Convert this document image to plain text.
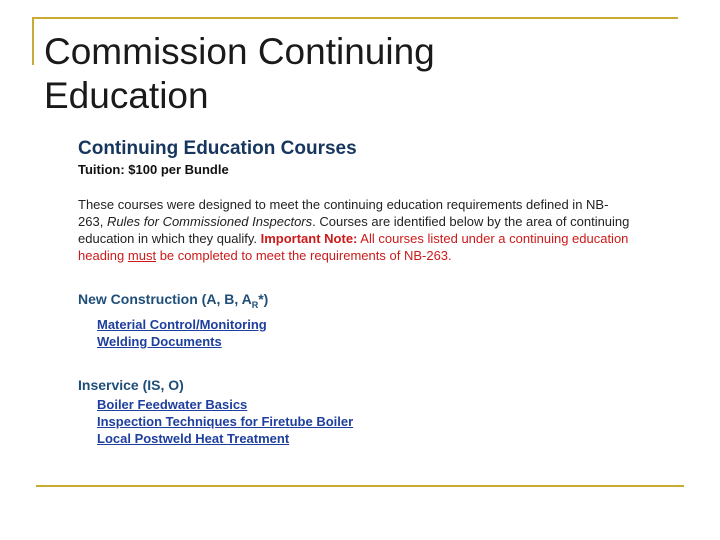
Commission Continuing Education
Continuing Education Courses
Tuition: $100 per Bundle
These courses were designed to meet the continuing education requirements defined in NB-263, Rules for Commissioned Inspectors. Courses are identified below by the area of continuing education in which they qualify. Important Note: All courses listed under a continuing education heading must be completed to meet the requirements of NB-263.
New Construction (A, B, $A_R*$)
Material Control/Monitoring
Welding Documents
Inservice (IS, O)
Boiler Feedwater Basics
Inspection Techniques for Firetube Boiler
Local Postweld Heat Treatment
